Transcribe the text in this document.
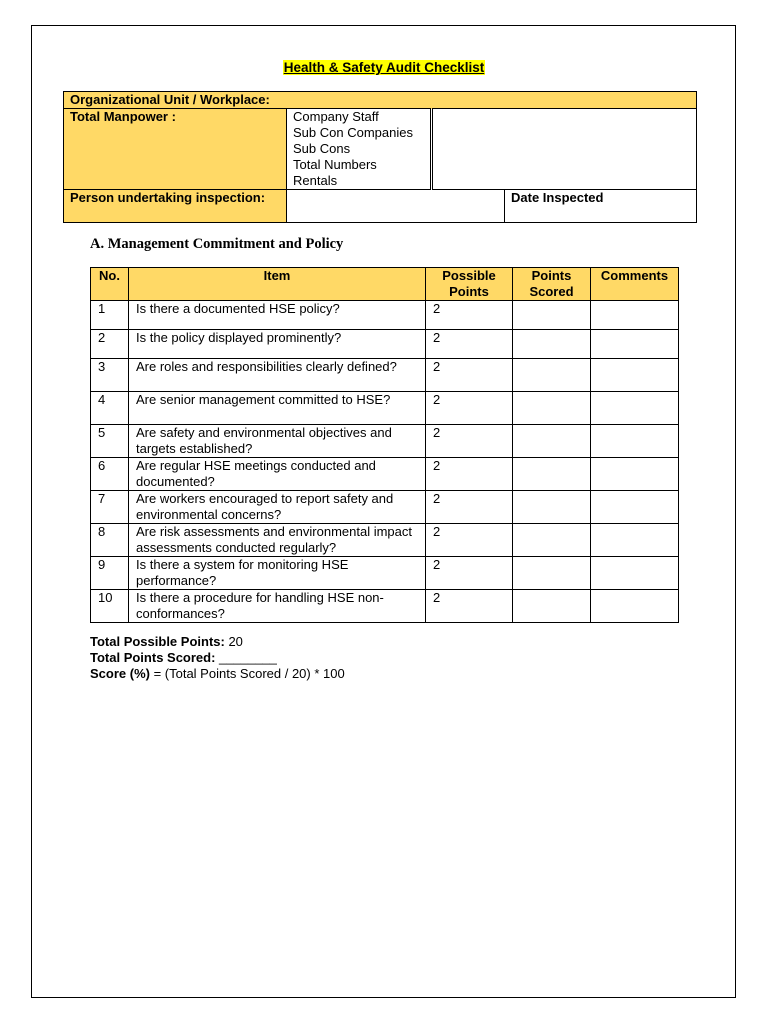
Health & Safety Audit Checklist
Organizational Unit / Workplace:			
Total Manpower :	Company Staff
Sub Con Companies
Sub Cons
Total Numbers
Rentals		

Person undertaking inspection:			Date Inspected
A. Management Commitment and Policy
No.	Item	Possible Points	Points Scored	Comments
1	Is there a documented HSE policy?	2		
2	Is the policy displayed prominently?	2		
3	Are roles and responsibilities clearly defined?	2		
4	Are senior management committed to HSE?	2		
5	Are safety and environmental objectives and targets established?	2		
6	Are regular HSE meetings conducted and documented?	2		
7	Are workers encouraged to report safety and environmental concerns?	2		
8	Are risk assessments and environmental impact assessments conducted regularly?	2		
9	Is there a system for monitoring HSE performance?	2		
10	Is there a procedure for handling HSE non-conformances?	2		
Total Possible Points: 20
Total Points Scored: ________
Score (%) = (Total Points Scored / 20) * 100
